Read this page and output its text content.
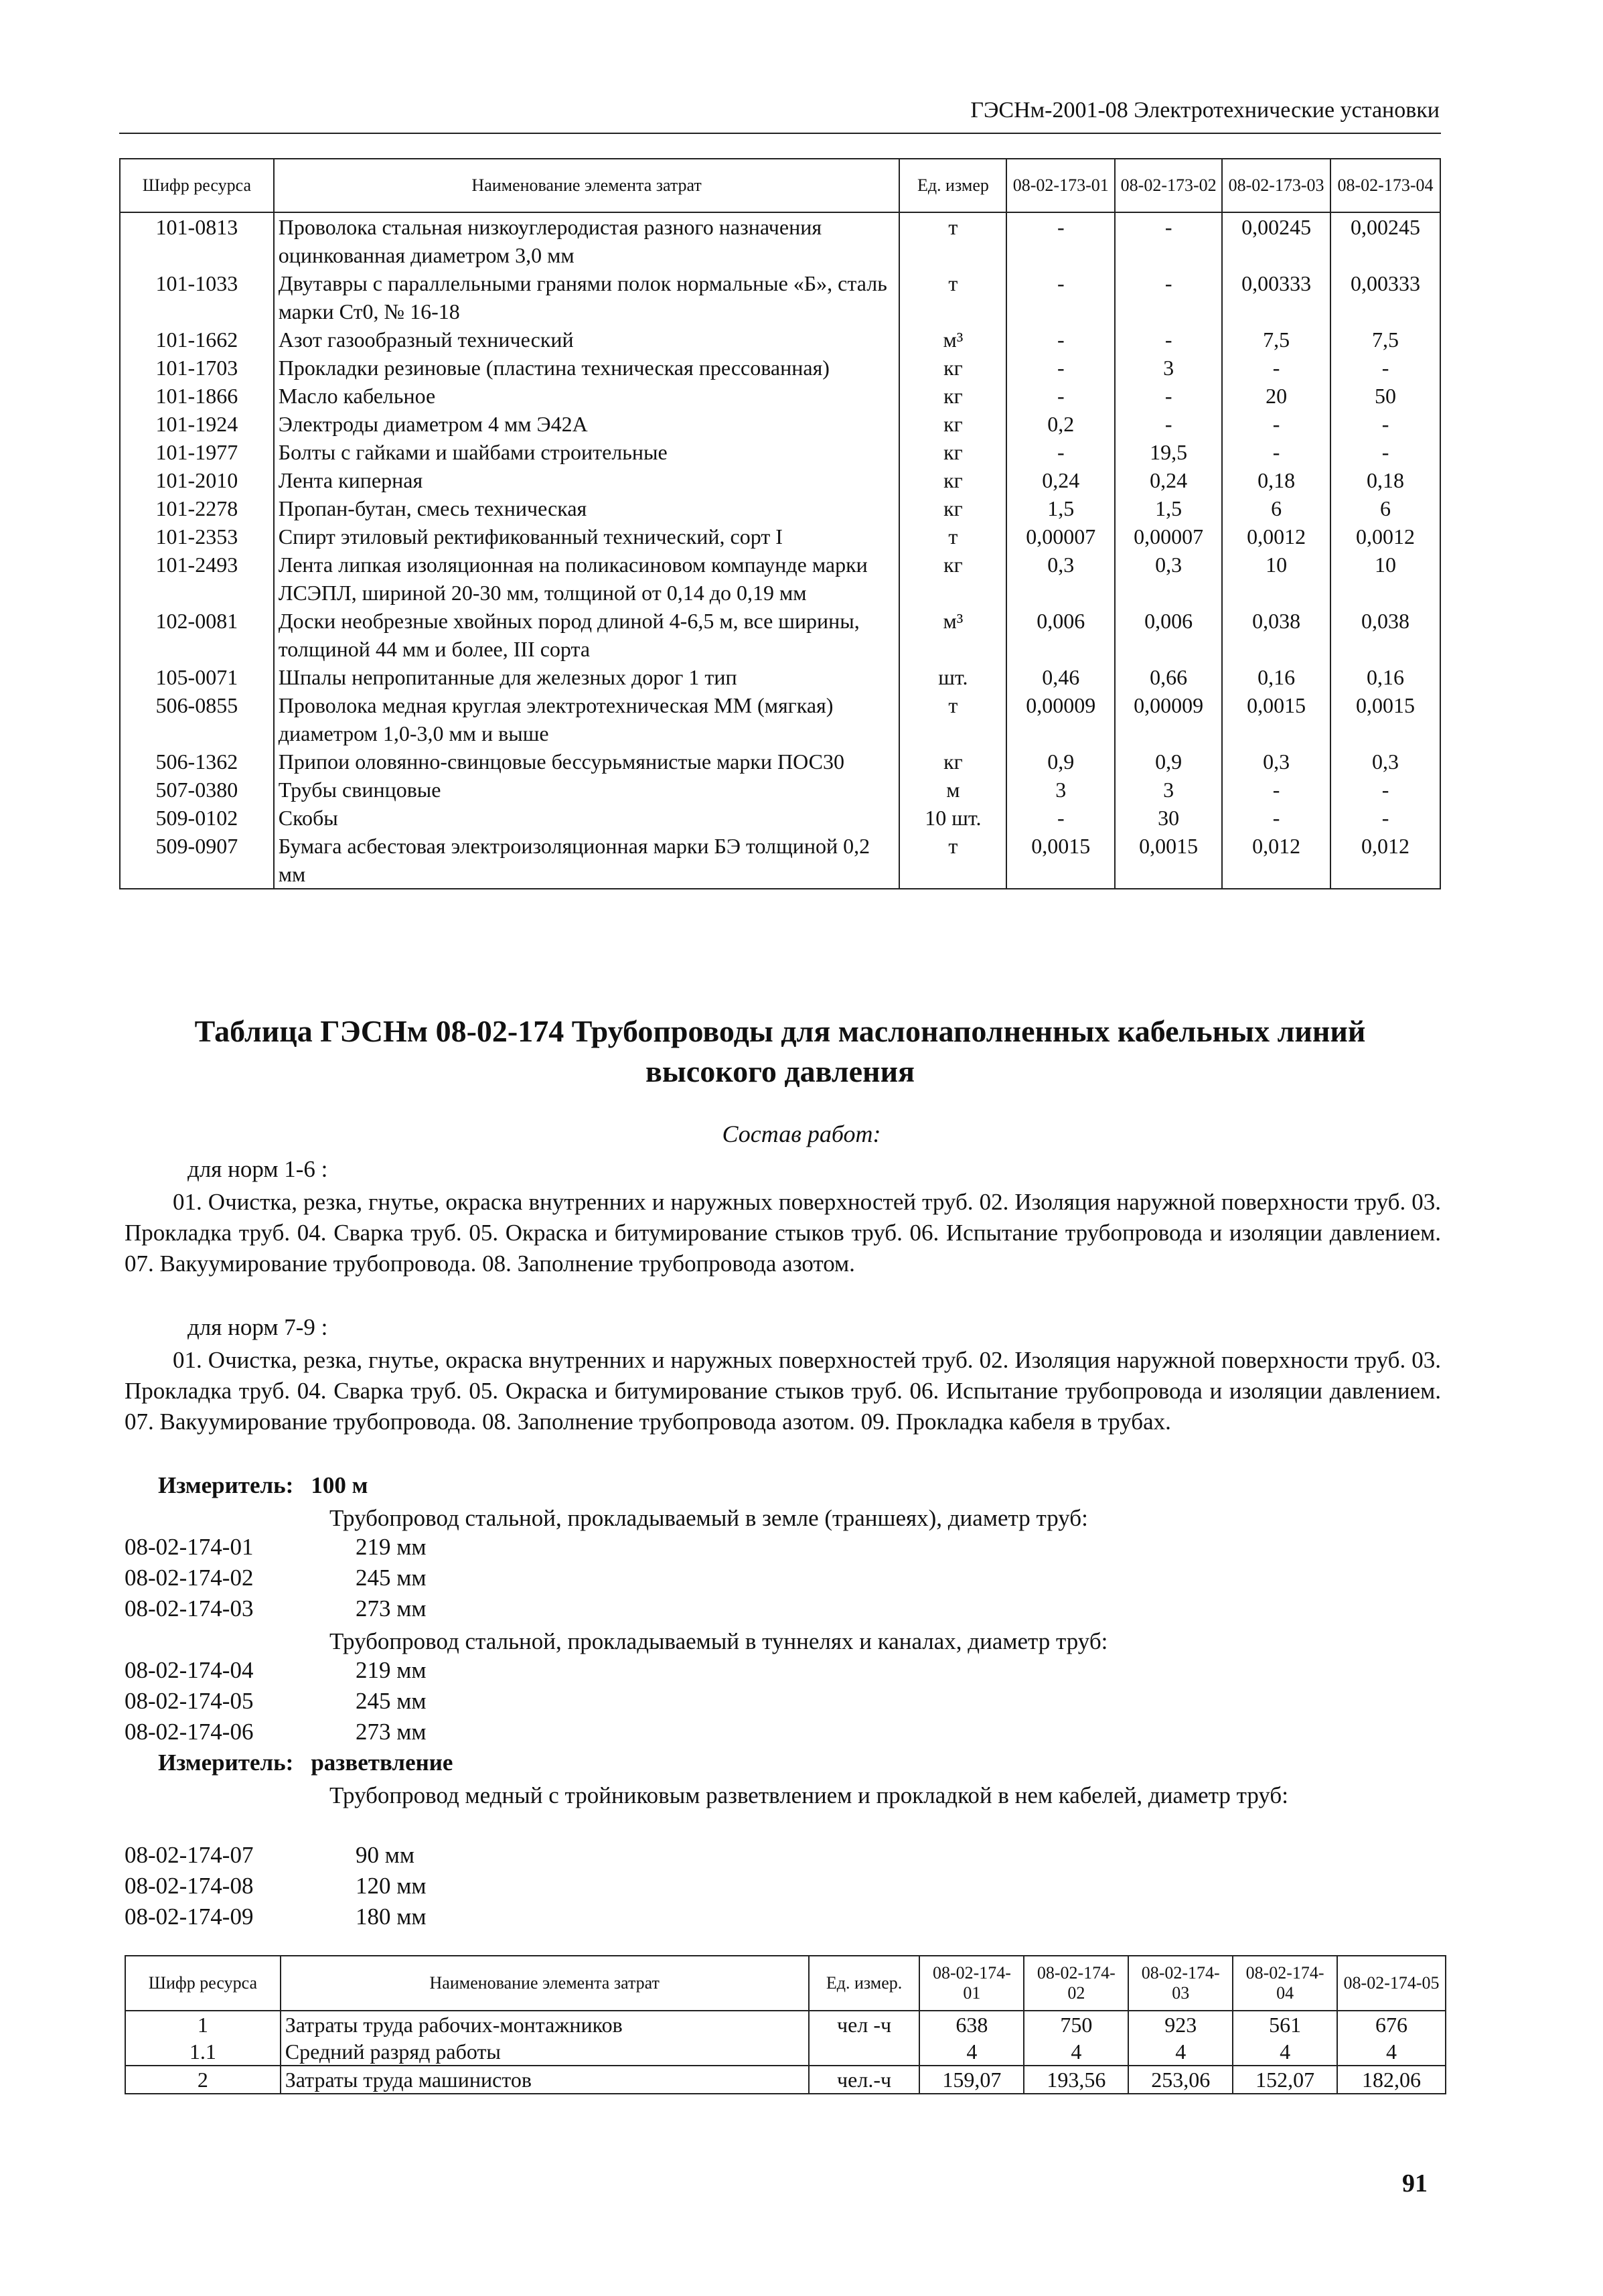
ГЭСНм-2001-08 Электротехнические установки
Шифр ресурса	Наименование элемента затрат	Ед. измер	08-02-173-01	08-02-173-02	08-02-173-03	08-02-173-04
101-0813	Проволока стальная низкоуглеродистая разного назначения оцинкованная диаметром 3,0 мм	т	-	-	0,00245	0,00245
101-1033	Двутавры с параллельными гранями полок нормальные «Б», сталь марки Ст0, № 16-18	т	-	-	0,00333	0,00333
101-1662	Азот газообразный технический	м³	-	-	7,5	7,5
101-1703	Прокладки резиновые (пластина техническая прессованная)	кг	-	3	-	-
101-1866	Масло кабельное	кг	-	-	20	50
101-1924	Электроды диаметром 4 мм Э42А	кг	0,2	-	-	-
101-1977	Болты с гайками и шайбами строительные	кг	-	19,5	-	-
101-2010	Лента киперная	кг	0,24	0,24	0,18	0,18
101-2278	Пропан-бутан, смесь техническая	кг	1,5	1,5	6	6
101-2353	Спирт этиловый ректификованный технический, сорт I	т	0,00007	0,00007	0,0012	0,0012
101-2493	Лента липкая изоляционная на поликасиновом компаунде марки ЛСЭПЛ, шириной 20-30 мм, толщиной от 0,14 до 0,19 мм	кг	0,3	0,3	10	10
102-0081	Доски необрезные хвойных пород длиной 4-6,5 м, все ширины, толщиной 44 мм и более, III сорта	м³	0,006	0,006	0,038	0,038
105-0071	Шпалы непропитанные для железных дорог 1 тип	шт.	0,46	0,66	0,16	0,16
506-0855	Проволока медная круглая электротехническая ММ (мягкая) диаметром 1,0-3,0 мм и выше	т	0,00009	0,00009	0,0015	0,0015
506-1362	Припои оловянно-свинцовые бессурьмянистые марки ПОС30	кг	0,9	0,9	0,3	0,3
507-0380	Трубы свинцовые	м	3	3	-	-
509-0102	Скобы	10 шт.	-	30	-	-
509-0907	Бумага асбестовая электроизоляционная марки БЭ толщиной 0,2 мм	т	0,0015	0,0015	0,012	0,012
Таблица ГЭСНм 08-02-174 Трубопроводы для маслонаполненных кабельных линий
высокого давления
Состав работ:
для норм 1-6 :
01. Очистка, резка, гнутье, окраска внутренних и наружных поверхностей труб. 02. Изоляция наружной поверхности труб. 03. Прокладка труб. 04. Сварка труб. 05. Окраска и битумирование стыков труб. 06. Испытание трубопровода и изоляции давлением. 07. Вакуумирование трубопровода. 08. Заполнение трубопровода азотом.
для норм 7-9 :
01. Очистка, резка, гнутье, окраска внутренних и наружных поверхностей труб. 02. Изоляция наружной поверхности труб. 03. Прокладка труб. 04. Сварка труб. 05. Окраска и битумирование стыков труб. 06. Испытание трубопровода и изоляции давлением. 07. Вакуумирование трубопровода. 08. Заполнение трубопровода азотом. 09. Прокладка кабеля в трубах.
Измеритель: 100 м
Трубопровод стальной, прокладываемый в земле (траншеях), диаметр труб:
08-02-174-01	219 мм
08-02-174-02	245 мм
08-02-174-03	273 мм
Трубопровод стальной, прокладываемый в туннелях и каналах, диаметр труб:
08-02-174-04	219 мм
08-02-174-05	245 мм
08-02-174-06	273 мм
Измеритель: разветвление
Трубопровод медный с тройниковым разветвлением и прокладкой в нем кабелей, диаметр труб:
08-02-174-07	90 мм
08-02-174-08	120 мм
08-02-174-09	180 мм
Шифр ресурса	Наименование элемента затрат	Ед. измер.	08-02-174-01	08-02-174-02	08-02-174-03	08-02-174-04	08-02-174-05
1	Затраты труда рабочих-монтажников	чел -ч	638	750	923	561	676
1.1	Средний разряд работы		4	4	4	4	4
2	Затраты труда машинистов	чел.-ч	159,07	193,56	253,06	152,07	182,06
91
